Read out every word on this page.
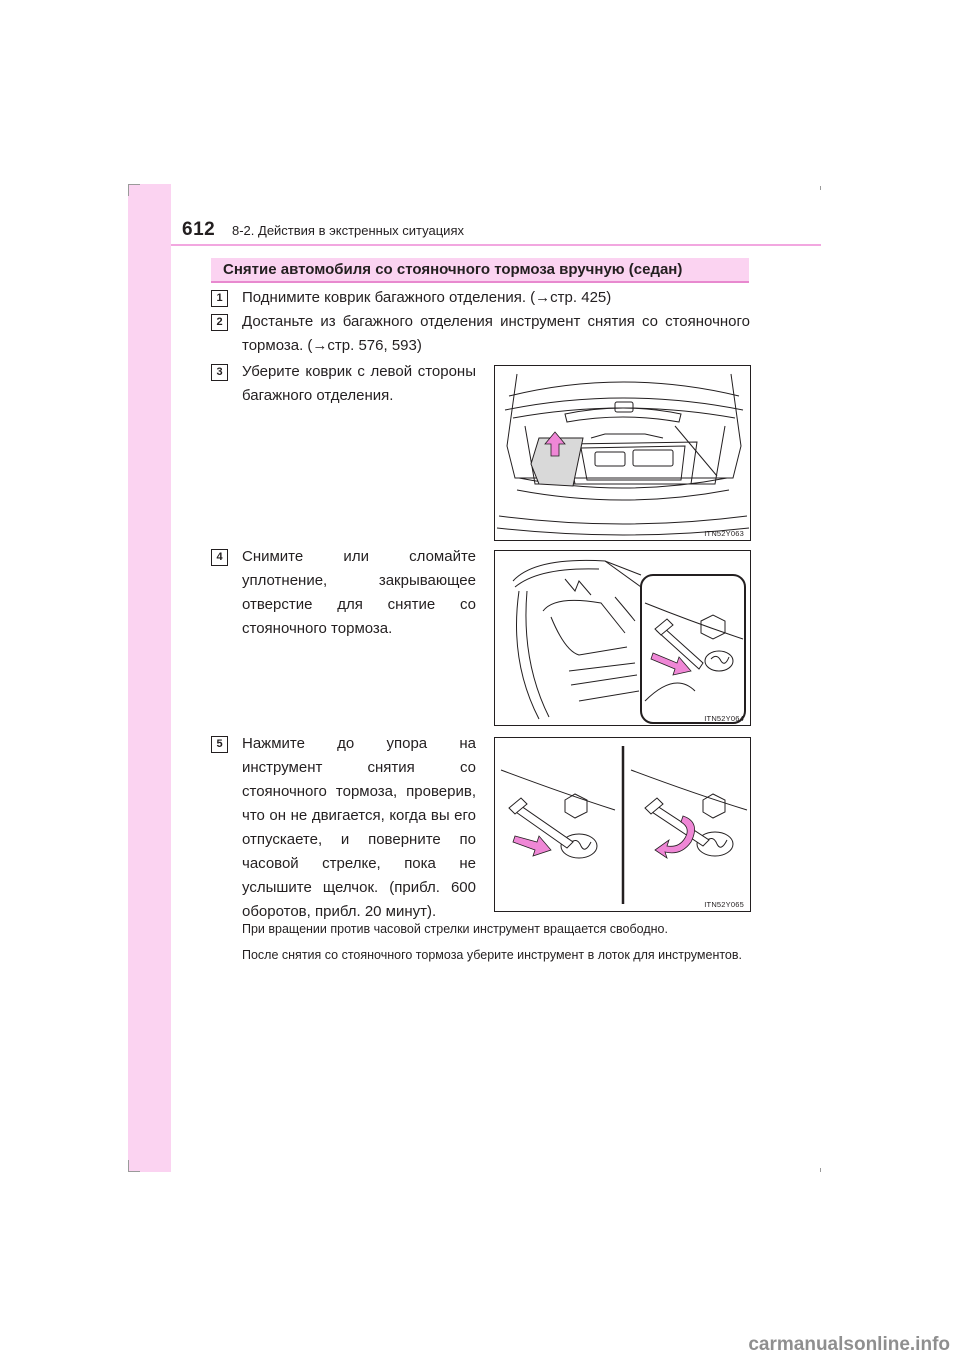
612 8-2. Действия в экстренных ситуациях
Снятие автомобиля со стояночного тормоза вручную (седан)
1	Поднимите коврик багажного отделения. (→стр. 425)
2	Достаньте из багажного отделения инструмент снятия со стояночного тормоза. (→стр. 576, 593)
3	Уберите коврик с левой стороны багажного отделения.
ITN52Y063
4	Снимите или сломайте уплотнение, закрывающее отверстие для снятие со стояночного тормоза.
ITN52Y064
5	Нажмите до упора на инструмент снятия со стояночного тормоза, проверив, что он не двигается, когда вы его отпускаете, и поверните по часовой стрелке, пока не услышите щелчок. (прибл. 600 оборотов, прибл. 20 минут).	ITN52Y065
При вращении против часовой стрелки инструмент вращается свободно.
После снятия со стояночного тормоза уберите инструмент в лоток для инструментов.
carmanualsonline.info
